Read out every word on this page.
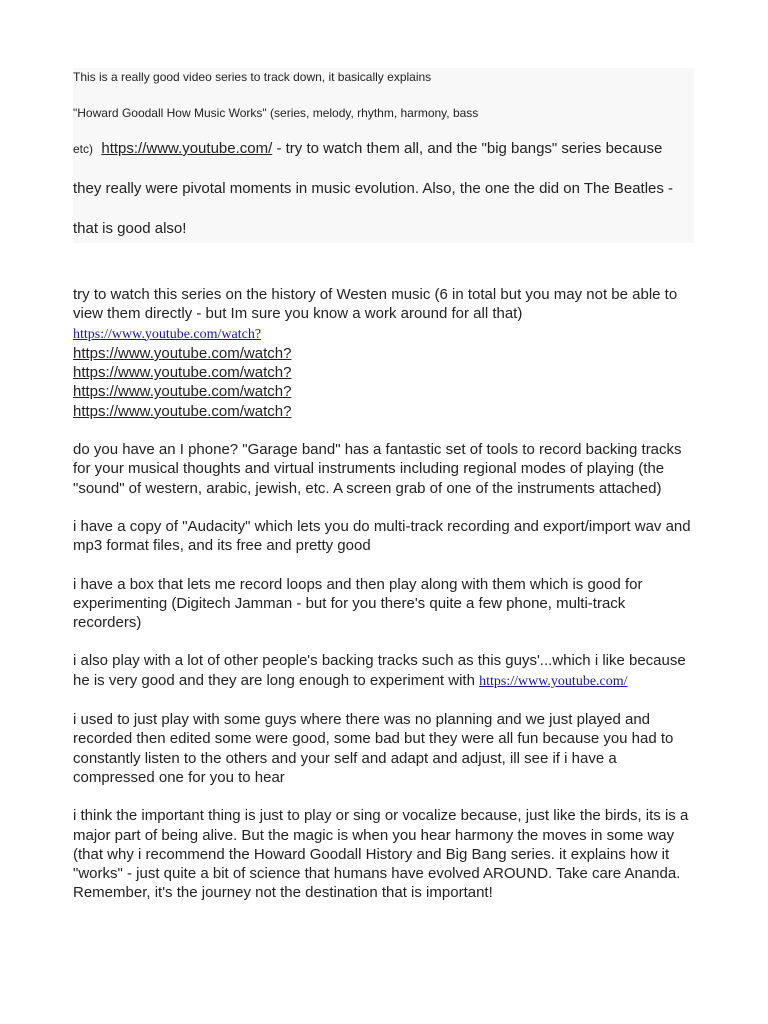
This is a really good video series to track down, it basically explains
"Howard Goodall How Music Works" (series, melody, rhythm, harmony, bass
etc) https://www.youtube.com/ - try to watch them all, and the "big bangs" series because
they really were pivotal moments in music evolution. Also, the one the did on The Beatles -
that is good also!

try to watch this series on the history of Westen music (6 in total but you may not be able to view them directly - but Im sure you know a work around for all that)

https://www.youtube.com/watch?
https://www.youtube.com/watch?
https://www.youtube.com/watch?
https://www.youtube.com/watch?
https://www.youtube.com/watch?

do you have an I phone? "Garage band" has a fantastic set of tools to record backing tracks for your musical thoughts and virtual instruments including regional modes of playing (the "sound" of western, arabic, jewish, etc. A screen grab of one of the instruments attached)

i have a copy of "Audacity" which lets you do multi-track recording and export/import wav and mp3 format files, and its free and pretty good

i have a box that lets me record loops and then play along with them which is good for experimenting (Digitech Jamman - but for you there's quite a few phone, multi-track recorders)

i also play with a lot of other people's backing tracks such as this guys'...which i like because he is very good and they are long enough to experiment with https://www.youtube.com/

i used to just play with some guys where there was no planning and we just played and recorded then edited some were good, some bad but they were all fun because you had to constantly listen to the others and your self and adapt and adjust, ill see if i have a compressed one for you to hear

i think the important thing is just to play or sing or vocalize because, just like the birds, its is a major part of being alive. But the magic is when you hear harmony the moves in some way (that why i recommend the Howard Goodall History and Big Bang series. it explains how it "works" - just quite a bit of science that humans have evolved AROUND. Take care Ananda. Remember, it's the journey not the destination that is important!
